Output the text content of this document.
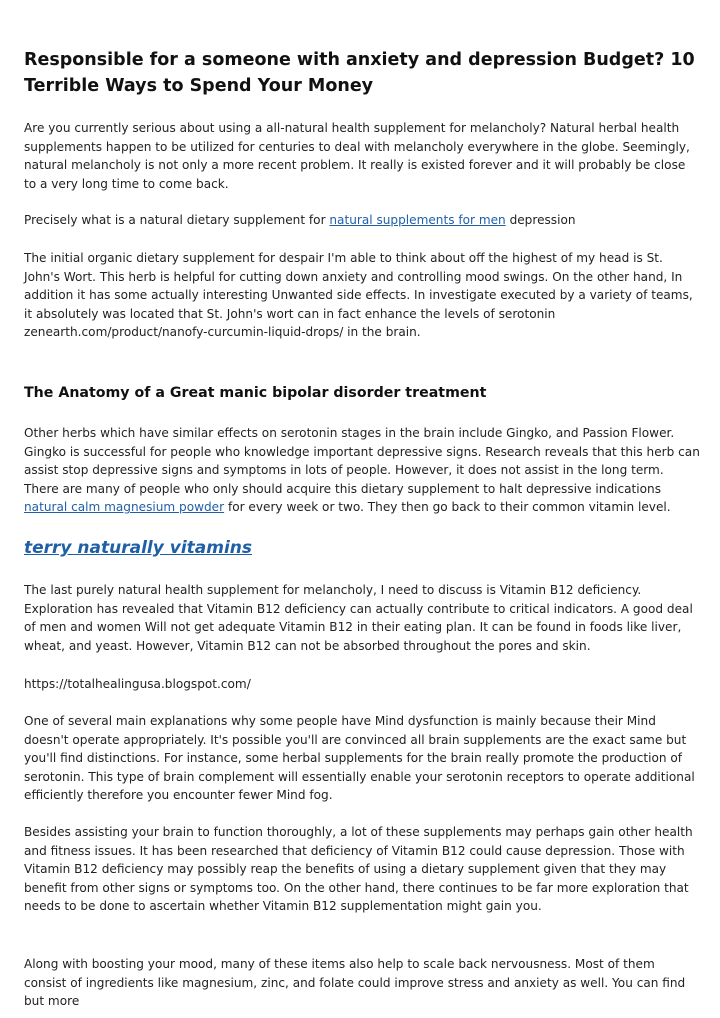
Responsible for a someone with anxiety and depression Budget? 10 Terrible Ways to Spend Your Money

Are you currently serious about using a all-natural health supplement for melancholy? Natural herbal health supplements happen to be utilized for centuries to deal with melancholy everywhere in the globe. Seemingly, natural melancholy is not only a more recent problem. It really is existed forever and it will probably be close to a very long time to come back.

Precisely what is a natural dietary supplement for natural supplements for men depression

The initial organic dietary supplement for despair I'm able to think about off the highest of my head is St. John's Wort. This herb is helpful for cutting down anxiety and controlling mood swings. On the other hand, In addition it has some actually interesting Unwanted side effects. In investigate executed by a variety of teams, it absolutely was located that St. John's wort can in fact enhance the levels of serotonin zenearth.com/product/nanofy-curcumin-liquid-drops/ in the brain.

The Anatomy of a Great manic bipolar disorder treatment

Other herbs which have similar effects on serotonin stages in the brain include Gingko, and Passion Flower. Gingko is successful for people who knowledge important depressive signs. Research reveals that this herb can assist stop depressive signs and symptoms in lots of people. However, it does not assist in the long term. There are many of people who only should acquire this dietary supplement to halt depressive indications natural calm magnesium powder for every week or two. They then go back to their common vitamin level.

terry naturally vitamins

The last purely natural health supplement for melancholy, I need to discuss is Vitamin B12 deficiency. Exploration has revealed that Vitamin B12 deficiency can actually contribute to critical indicators. A good deal of men and women Will not get adequate Vitamin B12 in their eating plan. It can be found in foods like liver, wheat, and yeast. However, Vitamin B12 can not be absorbed throughout the pores and skin.

https://totalhealingusa.blogspot.com/

One of several main explanations why some people have Mind dysfunction is mainly because their Mind doesn't operate appropriately. It's possible you'll are convinced all brain supplements are the exact same but you'll find distinctions. For instance, some herbal supplements for the brain really promote the production of serotonin. This type of brain complement will essentially enable your serotonin receptors to operate additional efficiently therefore you encounter fewer Mind fog.

Besides assisting your brain to function thoroughly, a lot of these supplements may perhaps gain other health and fitness issues. It has been researched that deficiency of Vitamin B12 could cause depression. Those with Vitamin B12 deficiency may possibly reap the benefits of using a dietary supplement given that they may benefit from other signs or symptoms too. On the other hand, there continues to be far more exploration that needs to be done to ascertain whether Vitamin B12 supplementation might gain you.

Along with boosting your mood, many of these items also help to scale back nervousness. Most of them consist of ingredients like magnesium, zinc, and folate could improve stress and anxiety as well. You can find but more
